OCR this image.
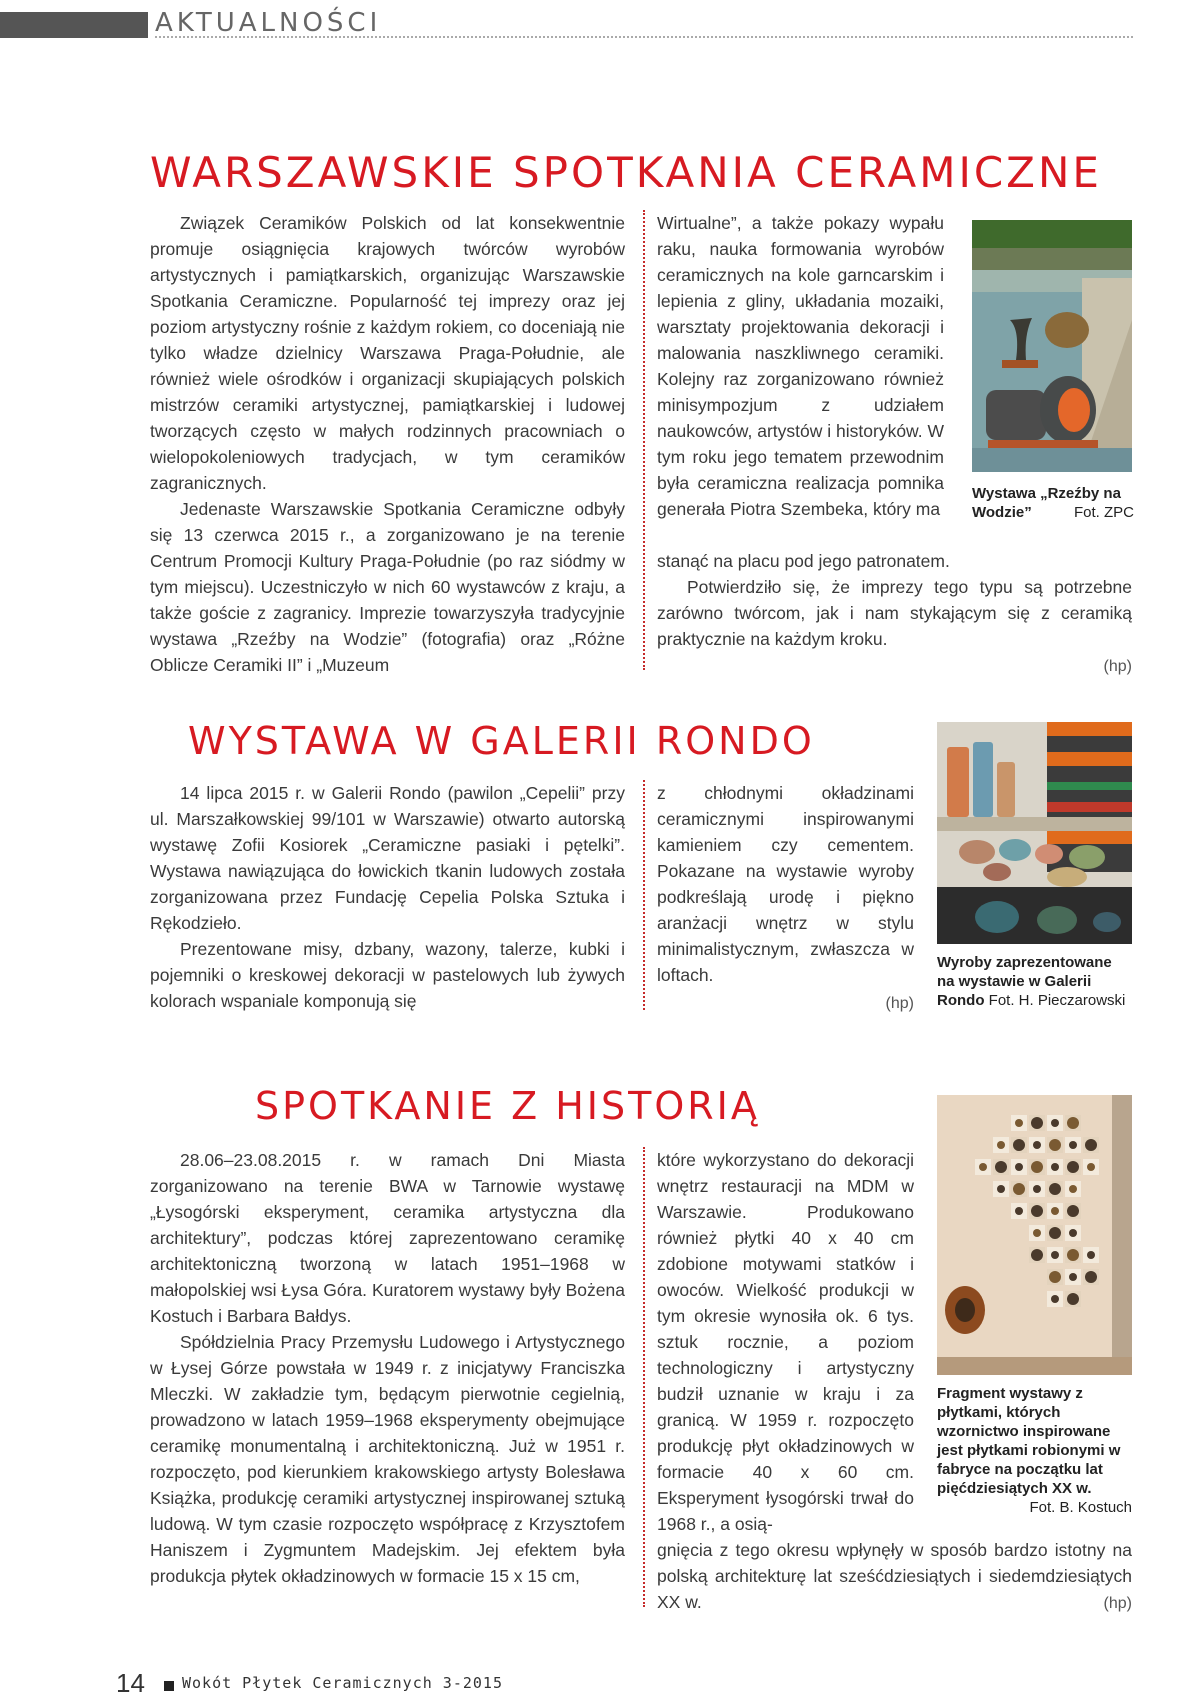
AKTUALNOŚCI
WARSZAWSKIE SPOTKANIA CERAMICZNE

Związek Ceramików Polskich od lat konsekwentnie promuje osiągnięcia krajowych twórców wyrobów artystycznych i pamiątkarskich, organizując Warszawskie Spotkania Ceramiczne. Popularność tej imprezy oraz jej poziom artystyczny rośnie z każdym rokiem, co doceniają nie tylko władze dzielnicy Warszawa Praga-Południe, ale również wiele ośrodków i organizacji skupiających polskich mistrzów ceramiki artystycznej, pamiątkarskiej i ludowej tworzących często w małych rodzinnych pracowniach o wielopokoleniowych tradycjach, w tym ceramików zagranicznych.

Jedenaste Warszawskie Spotkania Ceramiczne odbyły się 13 czerwca 2015 r., a zorganizowano je na terenie Centrum Promocji Kultury Praga-Południe (po raz siódmy w tym miejscu). Uczestniczyło w nich 60 wystawców z kraju, a także goście z zagranicy. Imprezie towarzyszyła tradycyjnie wystawa „Rzeźby na Wodzie” (fotografia) oraz „Różne Oblicze Ceramiki II” i „Muzeum

Wirtualne”, a także pokazy wypału raku, nauka formowania wyrobów ceramicznych na kole garncarskim i lepienia z gliny, układania mozaiki, warsztaty projektowania dekoracji i malowania naszkliwnego ceramiki. Kolejny raz zorganizowano również minisympozjum z udziałem naukowców, artystów i historyków. W tym roku jego tematem przewodnim była ceramiczna realizacja pomnika generała Piotra Szembeka, który ma

stanąć na placu pod jego patronatem.

Potwierdziło się, że imprezy tego typu są potrzebne zarówno twórcom, jak i nam stykającym się z ceramiką praktycznie na każdym kroku.

(hp)
Wystawa „Rzeźby na Wodzie”	Fot. ZPC
WYSTAWA W GALERII RONDO

14 lipca 2015 r. w Galerii Rondo (pawilon „Cepelii” przy ul. Marszałkowskiej 99/101 w Warszawie) otwarto autorską wystawę Zofii Kosiorek „Ceramiczne pasiaki i pętelki”. Wystawa nawiązująca do łowickich tkanin ludowych została zorganizowana przez Fundację Cepelia Polska Sztuka i Rękodzieło.

Prezentowane misy, dzbany, wazony, talerze, kubki i pojemniki o kreskowej dekoracji w pastelowych lub żywych kolorach wspaniale komponują się

z chłodnymi okładzinami ceramicznymi inspirowanymi kamieniem czy cementem. Pokazane na wystawie wyroby podkreślają urodę i piękno aranżacji wnętrz w stylu minimalistycznym, zwłaszcza w loftach.

(hp)
Wyroby zaprezentowane na wystawie w Galerii Rondo Fot. H. Pieczarowski
SPOTKANIE Z HISTORIĄ

28.06–23.08.2015 r. w ramach Dni Miasta zorganizowano na terenie BWA w Tarnowie wystawę „Łysogórski eksperyment, ceramika artystyczna dla architektury”, podczas której zaprezentowano ceramikę architektoniczną tworzoną w latach 1951–1968 w małopolskiej wsi Łysa Góra. Kuratorem wystawy były Bożena Kostuch i Barbara Bałdys.

Spółdzielnia Pracy Przemysłu Ludowego i Artystycznego w Łysej Górze powstała w 1949 r. z inicjatywy Franciszka Mleczki. W zakładzie tym, będącym pierwotnie cegielnią, prowadzono w latach 1959–1968 eksperymenty obejmujące ceramikę monumentalną i architektoniczną. Już w 1951 r. rozpoczęto, pod kierunkiem krakowskiego artysty Bolesława Książka, produkcję ceramiki artystycznej inspirowanej sztuką ludową. W tym czasie rozpoczęto współpracę z Krzysztofem Haniszem i Zygmuntem Madejskim. Jej efektem była produkcja płytek okładzinowych w formacie 15 x 15 cm,

które wykorzystano do dekoracji wnętrz restauracji na MDM w Warszawie. Produkowano również płytki 40 x 40 cm zdobione motywami statków i owoców. Wielkość produkcji w tym okresie wynosiła ok. 6 tys. sztuk rocznie, a poziom technologiczny i artystyczny budził uznanie w kraju i za granicą. W 1959 r. rozpoczęto produkcję płyt okładzinowych w formacie 40 x 60 cm. Eksperyment łysogórski trwał do 1968 r., a osią-

gnięcia z tego okresu wpłynęły w sposób bardzo istotny na polską architekturę lat sześćdziesiątych i siedemdziesiątych XX w.	(hp)
Fragment wystawy z płytkami, których wzornictwo inspirowane jest płytkami robionymi w fabryce na początku lat pięćdziesiątych XX w.
Fot. B. Kostuch
14 Wokót Płytek Ceramicznych 3-2015
